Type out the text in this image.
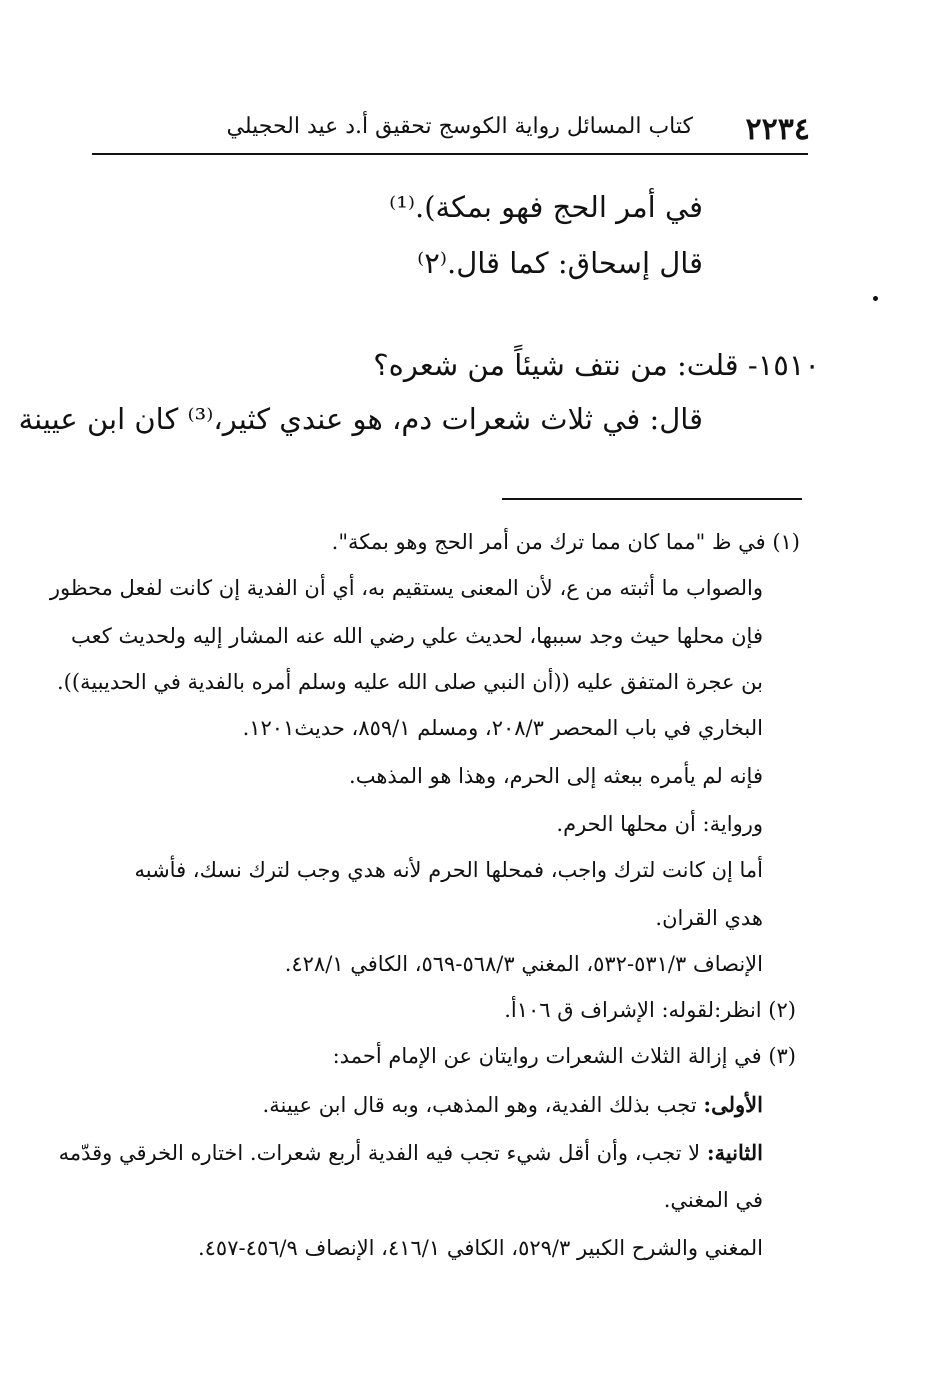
٢٢٣٤
كتاب المسائل رواية الكوسج تحقيق أ.د عيد الحجيلي
في أمر الحج فهو بمكة).⁽¹⁾
قال إسحاق: كما قال.⁽٢⁾
١٥١٠- قلت: من نتف شيئاً من شعره؟
قال: في ثلاث شعرات دم، هو عندي كثير،⁽³⁾ كان ابن عيينة
(١) في ظ "مما كان مما ترك من أمر الحج وهو بمكة".
والصواب ما أثبته من ع، لأن المعنى يستقيم به، أي أن الفدية إن كانت لفعل محظور
فإن محلها حيث وجد سببها، لحديث علي رضي الله عنه المشار إليه ولحديث كعب
بن عجرة المتفق عليه ((أن النبي صلى الله عليه وسلم أمره بالفدية في الحديبية)).
البخاري في باب المحصر ٢٠٨/٣، ومسلم ٨٥٩/١، حديث١٢٠١.
فإنه لم يأمره ببعثه إلى الحرم، وهذا هو المذهب.
ورواية: أن محلها الحرم.
أما إن كانت لترك واجب، فمحلها الحرم لأنه هدي وجب لترك نسك، فأشبه
هدي القران.
الإنصاف ٥٣١/٣-٥٣٢، المغني ٥٦٨/٣-٥٦٩، الكافي ٤٢٨/١.
(٢) انظر:لقوله: الإشراف ق ١٠٦أ.
(٣) في إزالة الثلاث الشعرات روايتان عن الإمام أحمد:
الأولى: تجب بذلك الفدية، وهو المذهب، وبه قال ابن عيينة.
الثانية: لا تجب، وأن أقل شيء تجب فيه الفدية أربع شعرات. اختاره الخرقي وقدّمه
في المغني.
المغني والشرح الكبير ٥٢٩/٣، الكافي ٤١٦/١، الإنصاف ٤٥٦/٩-٤٥٧.
